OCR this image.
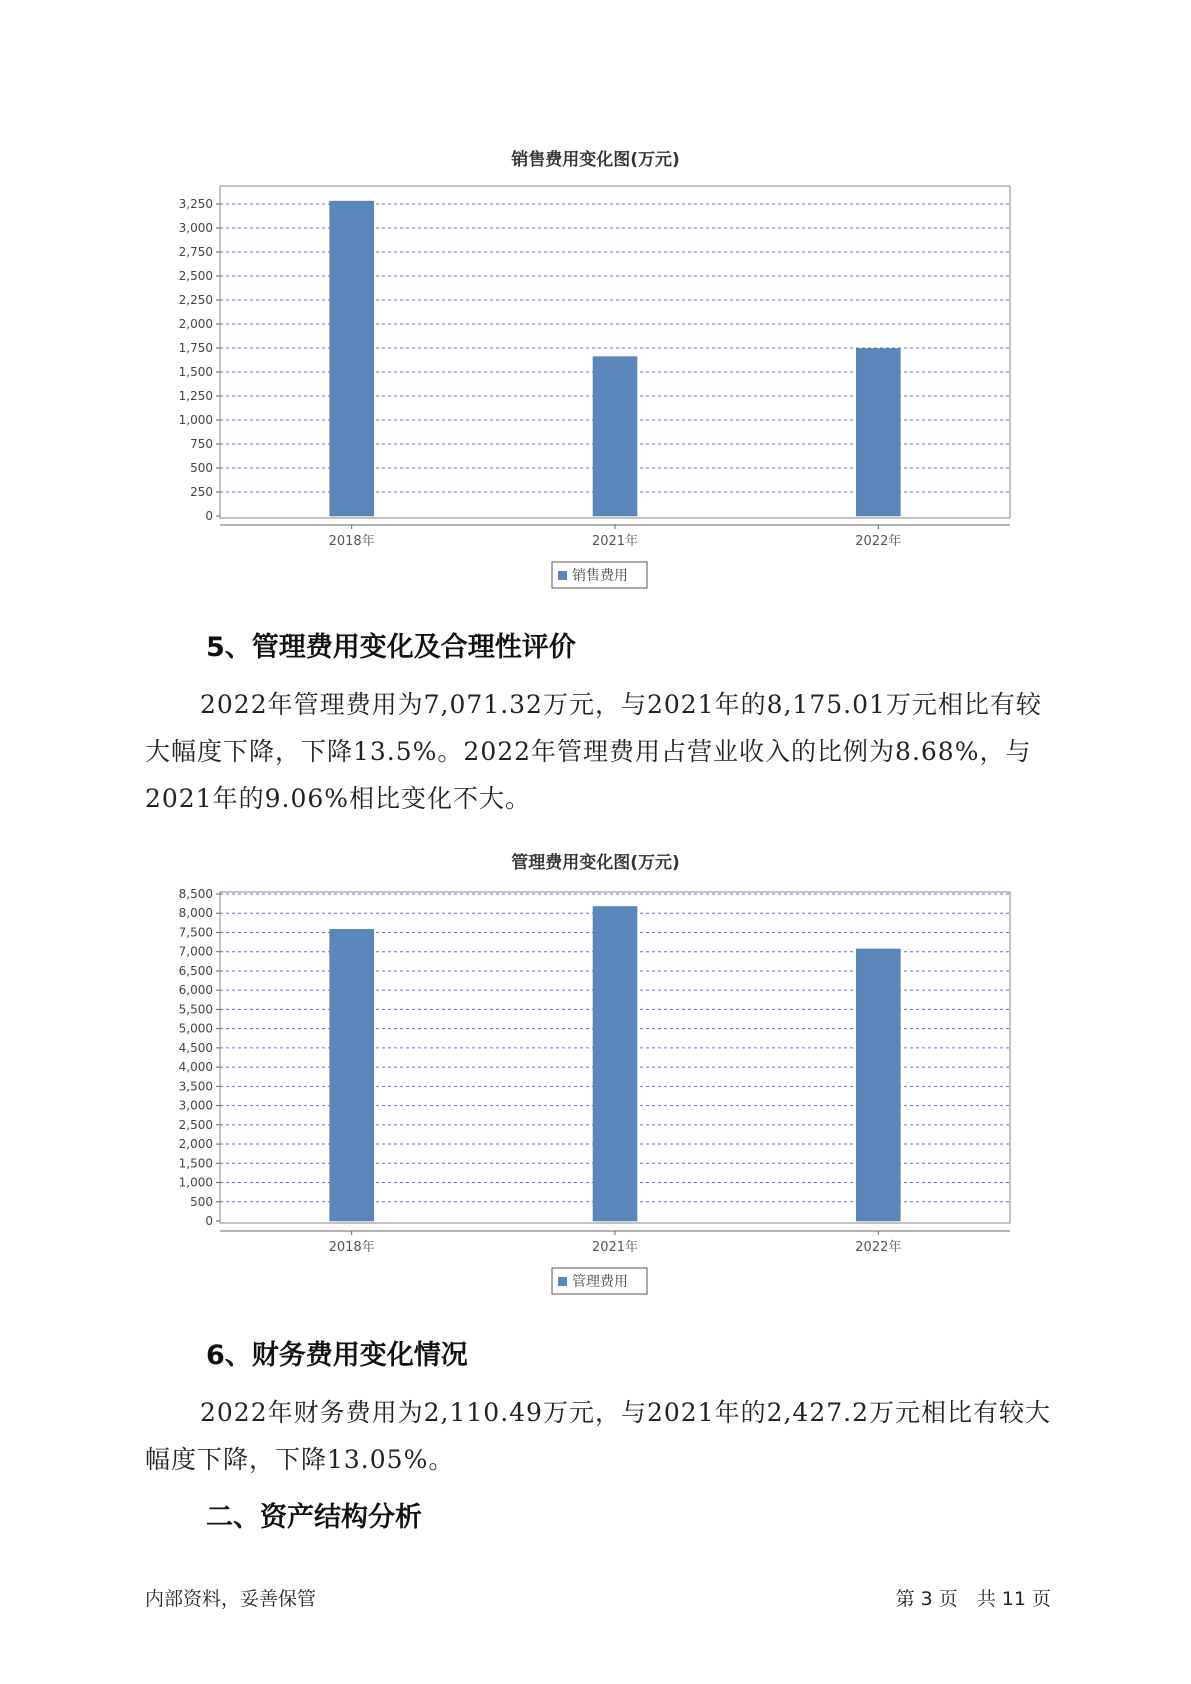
销售费用变化图(万元)
0
250
500
750
1,000
1,250
1,500
1,750
2,000
2,250
2,500
2,750
3,000
3,250
2018年	2021年	2022年
销售费用
5、管理费用变化及合理性评价

2022年管理费用为7,071.32万元，与2021年的8,175.01万元相比有较大幅度下降，下降13.5%。2022年管理费用占营业收入的比例为8.68%，与2021年的9.06%相比变化不大。

管理费用变化图(万元)
0
500
1,000
1,500
2,000
2,500
3,000
3,500
4,000
4,500
5,000
5,500
6,000
6,500
7,000
7,500
8,000
8,500
2018年	2021年	2022年
管理费用
6、财务费用变化情况

2022年财务费用为2,110.49万元，与2021年的2,427.2万元相比有较大幅度下降，下降13.05%。

二、资产结构分析
内部资料，妥善保管	第 3 页　共 11 页
